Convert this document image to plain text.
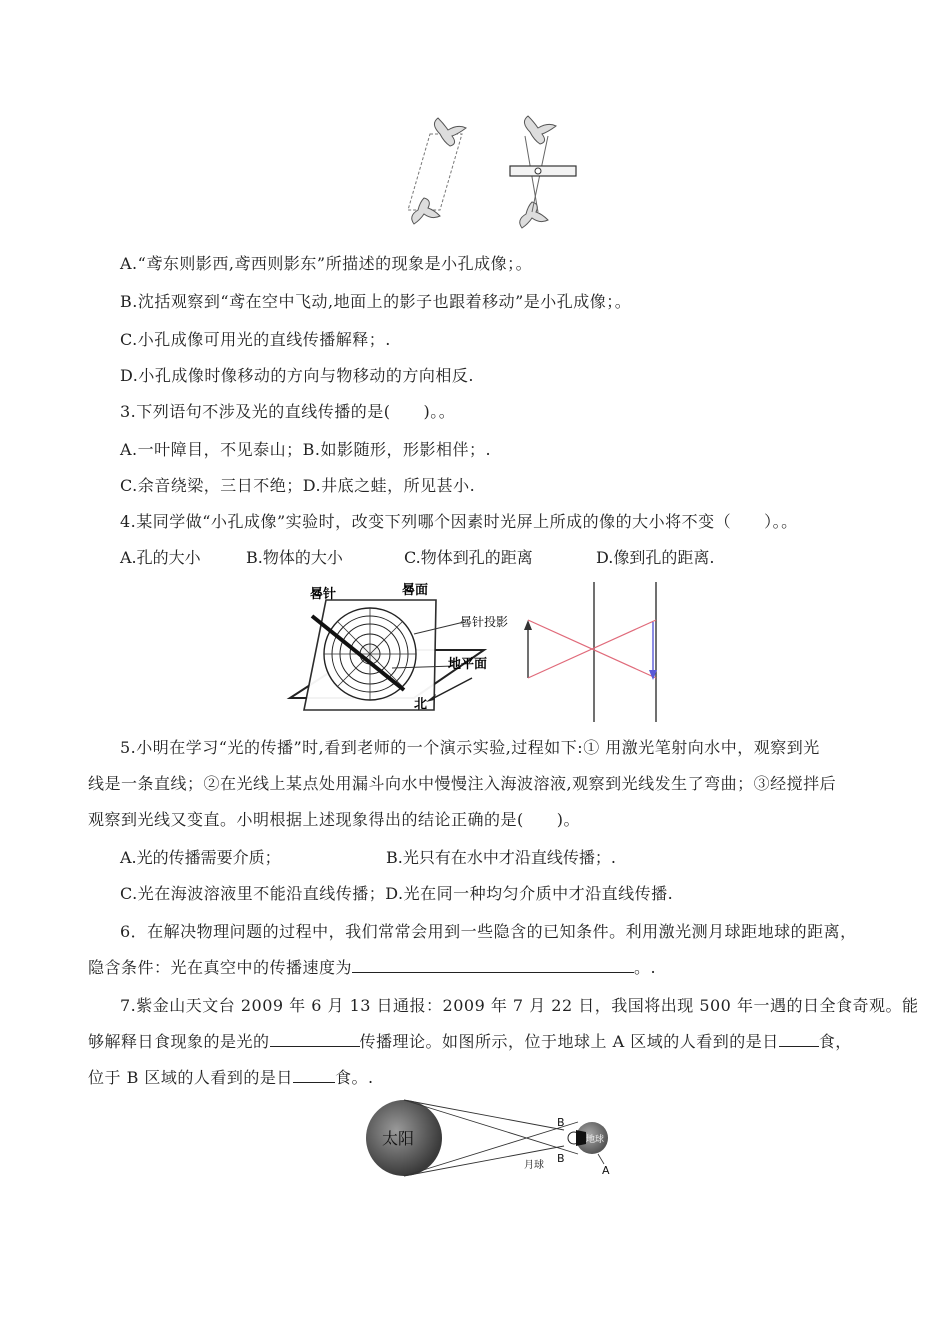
A.“鸢东则影西,鸢西则影东”所描述的现象是小孔成像；。
B.沈括观察到“鸢在空中飞动,地面上的影子也跟着移动”是小孔成像；。
C.小孔成像可用光的直线传播解释；.
D.小孔成像时像移动的方向与物移动的方向相反.
3.下列语句不涉及光的直线传播的是(　　)。。
A.一叶障目，不见泰山；B.如影随形，形影相伴；.
C.余音绕梁，三日不绝；D.井底之蛙，所见甚小.
4.某同学做“小孔成像”实验时，改变下列哪个因素时光屏上所成的像的大小将不变（　　）。。
A.孔的大小	B.物体的大小	C.物体到孔的距离	D.像到孔的距离.
晷针	晷面
晷针投影
地平面
北
5.小明在学习“光的传播”时,看到老师的一个演示实验,过程如下:① 用激光笔射向水中，观察到光
线是一条直线；②在光线上某点处用漏斗向水中慢慢注入海波溶液,观察到光线发生了弯曲；③经搅拌后
观察到光线又变直。小明根据上述现象得出的结论正确的是(　　)。
A.光的传播需要介质；	B.光只有在水中才沿直线传播；.
C.光在海波溶液里不能沿直线传播；D.光在同一种均匀介质中才沿直线传播.
6．在解决物理问题的过程中，我们常常会用到一些隐含的已知条件。利用激光测月球距地球的距离，
隐含条件：光在真空中的传播速度为	。.
7.紫金山天文台 2009 年 6 月 13 日通报：2009 年 7 月 22 日，我国将出现 500 年一遇的日全食奇观。能
够解释日食现象的是光的	传播理论。如图所示，位于地球上 A 区域的人看到的是日	食，
位于 B 区域的人看到的是日	食。.
太阳	地球
月球
B
B
A
